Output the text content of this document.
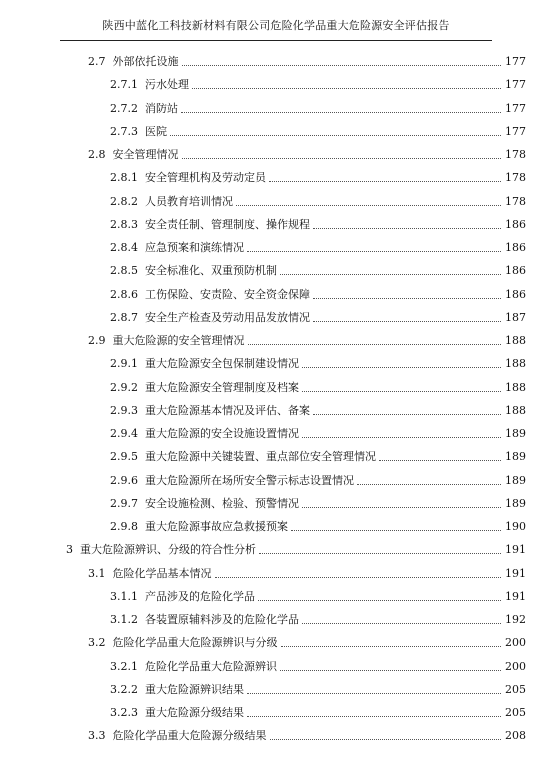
陕西中蓝化工科技新材料有限公司危险化学品重大危险源安全评估报告
2.7 外部依托设施	177
2.7.1 污水处理	177
2.7.2 消防站	177
2.7.3 医院	177
2.8 安全管理情况	178
2.8.1 安全管理机构及劳动定员	178
2.8.2 人员教育培训情况	178
2.8.3 安全责任制、管理制度、操作规程	186
2.8.4 应急预案和演练情况	186
2.8.5 安全标准化、双重预防机制	186
2.8.6 工伤保险、安责险、安全资金保障	186
2.8.7 安全生产检查及劳动用品发放情况	187
2.9 重大危险源的安全管理情况	188
2.9.1 重大危险源安全包保制建设情况	188
2.9.2 重大危险源安全管理制度及档案	188
2.9.3 重大危险源基本情况及评估、备案	188
2.9.4 重大危险源的安全设施设置情况	189
2.9.5 重大危险源中关键装置、重点部位安全管理情况	189
2.9.6 重大危险源所在场所安全警示标志设置情况	189
2.9.7 安全设施检测、检验、预警情况	189
2.9.8 重大危险源事故应急救援预案	190
3 重大危险源辨识、分级的符合性分析	191
3.1 危险化学品基本情况	191
3.1.1 产品涉及的危险化学品	191
3.1.2 各装置原辅料涉及的危险化学品	192
3.2 危险化学品重大危险源辨识与分级	200
3.2.1 危险化学品重大危险源辨识	200
3.2.2 重大危险源辨识结果	205
3.2.3 重大危险源分级结果	205
3.3 危险化学品重大危险源分级结果	208
